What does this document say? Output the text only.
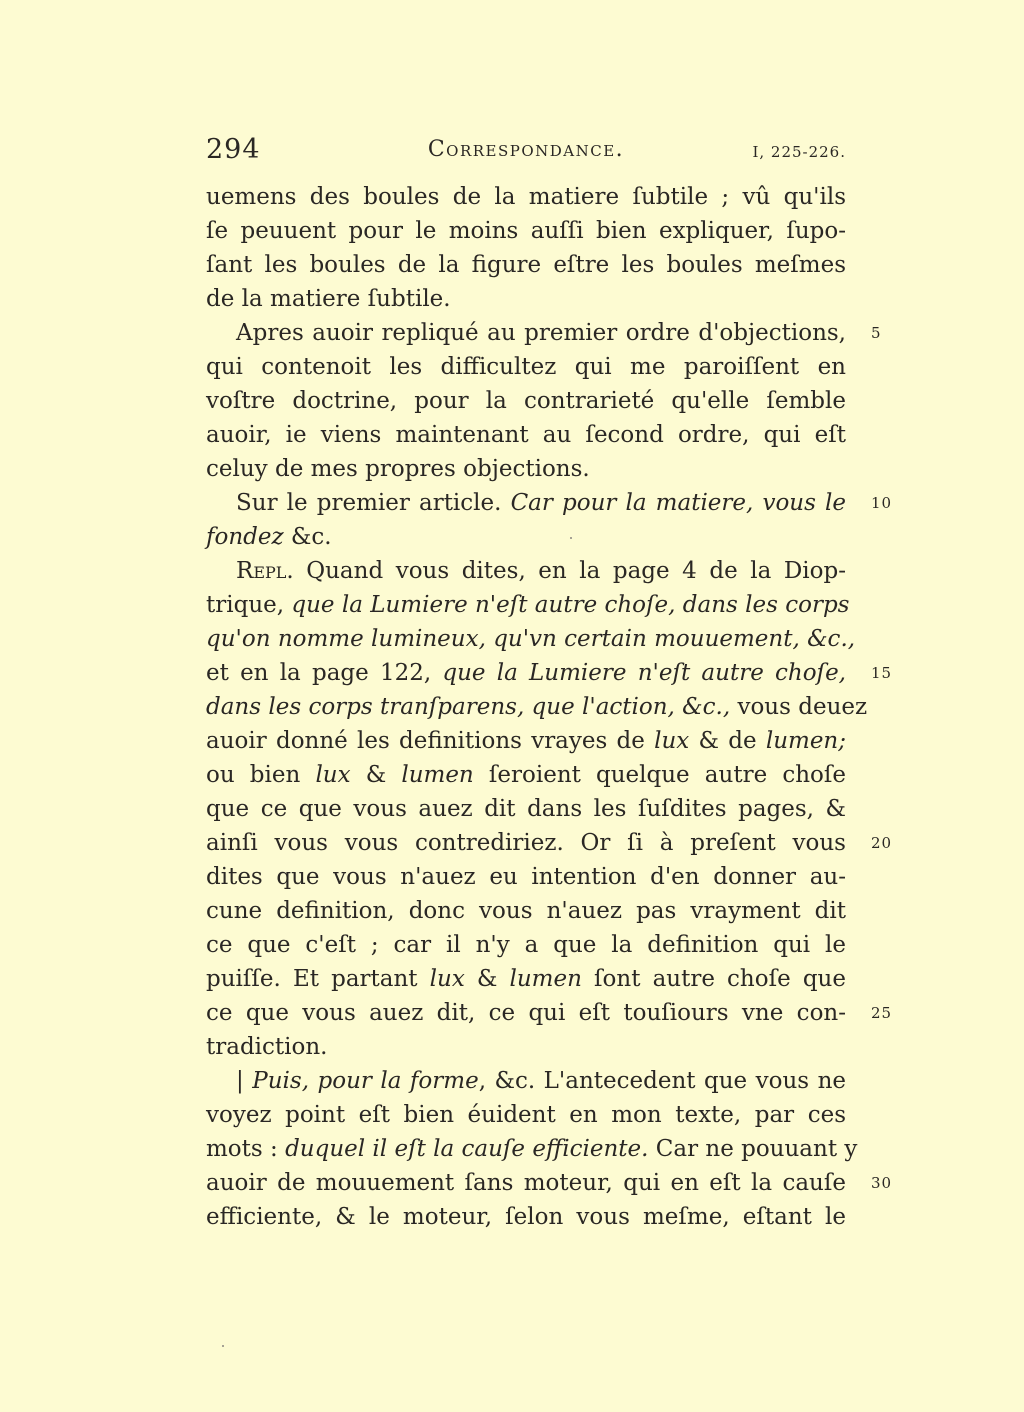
294	Correspondance.	I, 225-226.
uemens des boules de la matiere ſubtile ; vû qu'ils
ſe peuuent pour le moins auſſi bien expliquer, ſupo-
ſant les boules de la figure eſtre les boules meſmes
de la matiere ſubtile.
Apres auoir repliqué au premier ordre d'objections, 5
qui contenoit les difficultez qui me paroiſſent en
voſtre doctrine, pour la contrarieté qu'elle ſemble
auoir, ie viens maintenant au ſecond ordre, qui eſt
celuy de mes propres objections.
Sur le premier article. Car pour la matiere, vous le 10
fondez &c.
Repl. Quand vous dites, en la page 4 de la Diop-
trique, que la Lumiere n'eſt autre choſe, dans les corps
qu'on nomme lumineux, qu'vn certain mouuement, &c.,
et en la page 122, que la Lumiere n'eſt autre choſe, 15
dans les corps tranſparens, que l'action, &c., vous deuez
auoir donné les definitions vrayes de lux & de lumen;
ou bien lux & lumen ſeroient quelque autre choſe
que ce que vous auez dit dans les ſuſdites pages, &
ainſi vous vous contrediriez. Or ſi à preſent vous 20
dites que vous n'auez eu intention d'en donner au-
cune definition, donc vous n'auez pas vrayment dit
ce que c'eſt ; car il n'y a que la definition qui le
puiſſe. Et partant lux & lumen ſont autre choſe que
ce que vous auez dit, ce qui eſt touſiours vne con- 25
tradiction.
| Puis, pour la forme, &c. L'antecedent que vous ne
voyez point eſt bien éuident en mon texte, par ces
mots : duquel il eſt la cauſe efficiente. Car ne pouuant y
auoir de mouuement ſans moteur, qui en eſt la cauſe 30
efficiente, & le moteur, ſelon vous meſme, eſtant le
